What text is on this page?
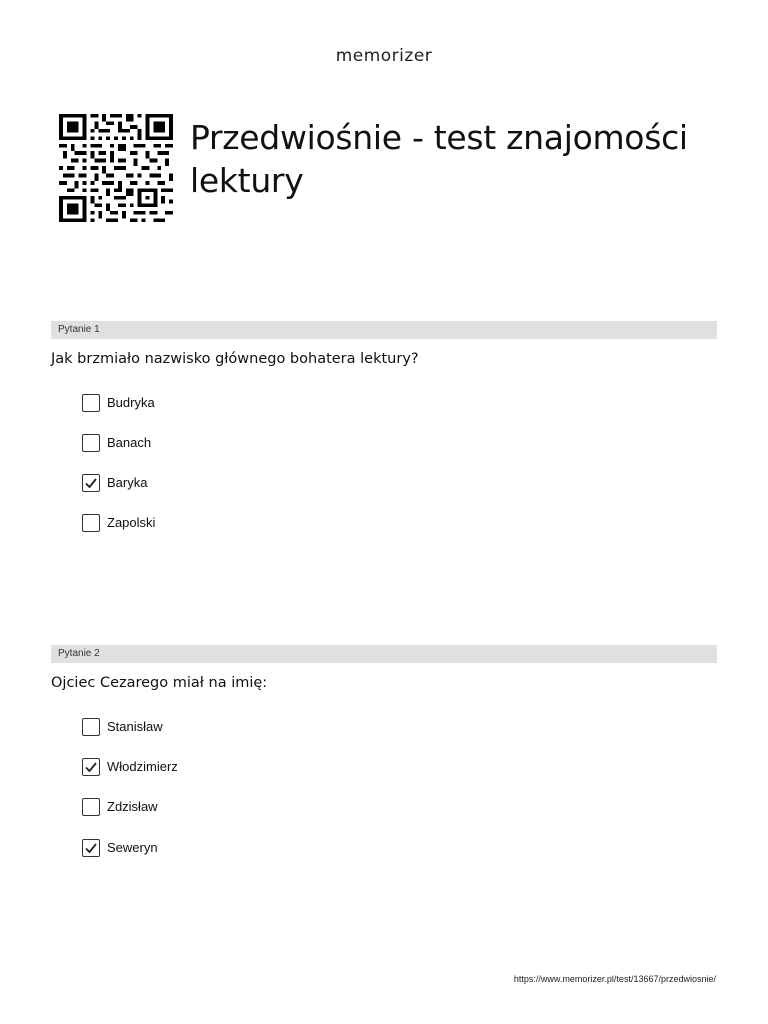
memorizer
Przedwiośnie - test znajomości lektury
Pytanie 1
Jak brzmiało nazwisko głównego bohatera lektury?
Budryka
Banach
Baryka
Zapolski
Pytanie 2
Ojciec Cezarego miał na imię:
Stanisław
Włodzimierz
Zdzisław
Seweryn
https://www.memorizer.pl/test/13667/przedwiosnie/
